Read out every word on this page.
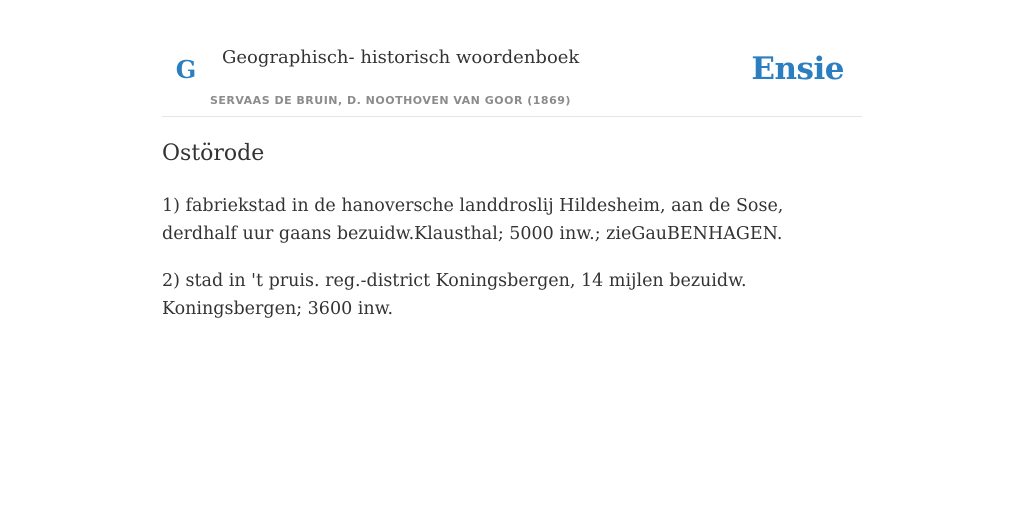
G Geographisch- historisch woordenboek
SERVAAS DE BRUIN, D. NOOTHOVEN VAN GOOR (1869)
Ensie
Ostörode

1) fabriekstad in de hanoversche landdroslij Hildesheim, aan de Sose, derdhalf uur gaans bezuidw.Klausthal; 5000 inw.; zieGauBENHAGEN.

2) stad in 't pruis. reg.-district Koningsbergen, 14 mijlen bezuidw. Koningsbergen; 3600 inw.
